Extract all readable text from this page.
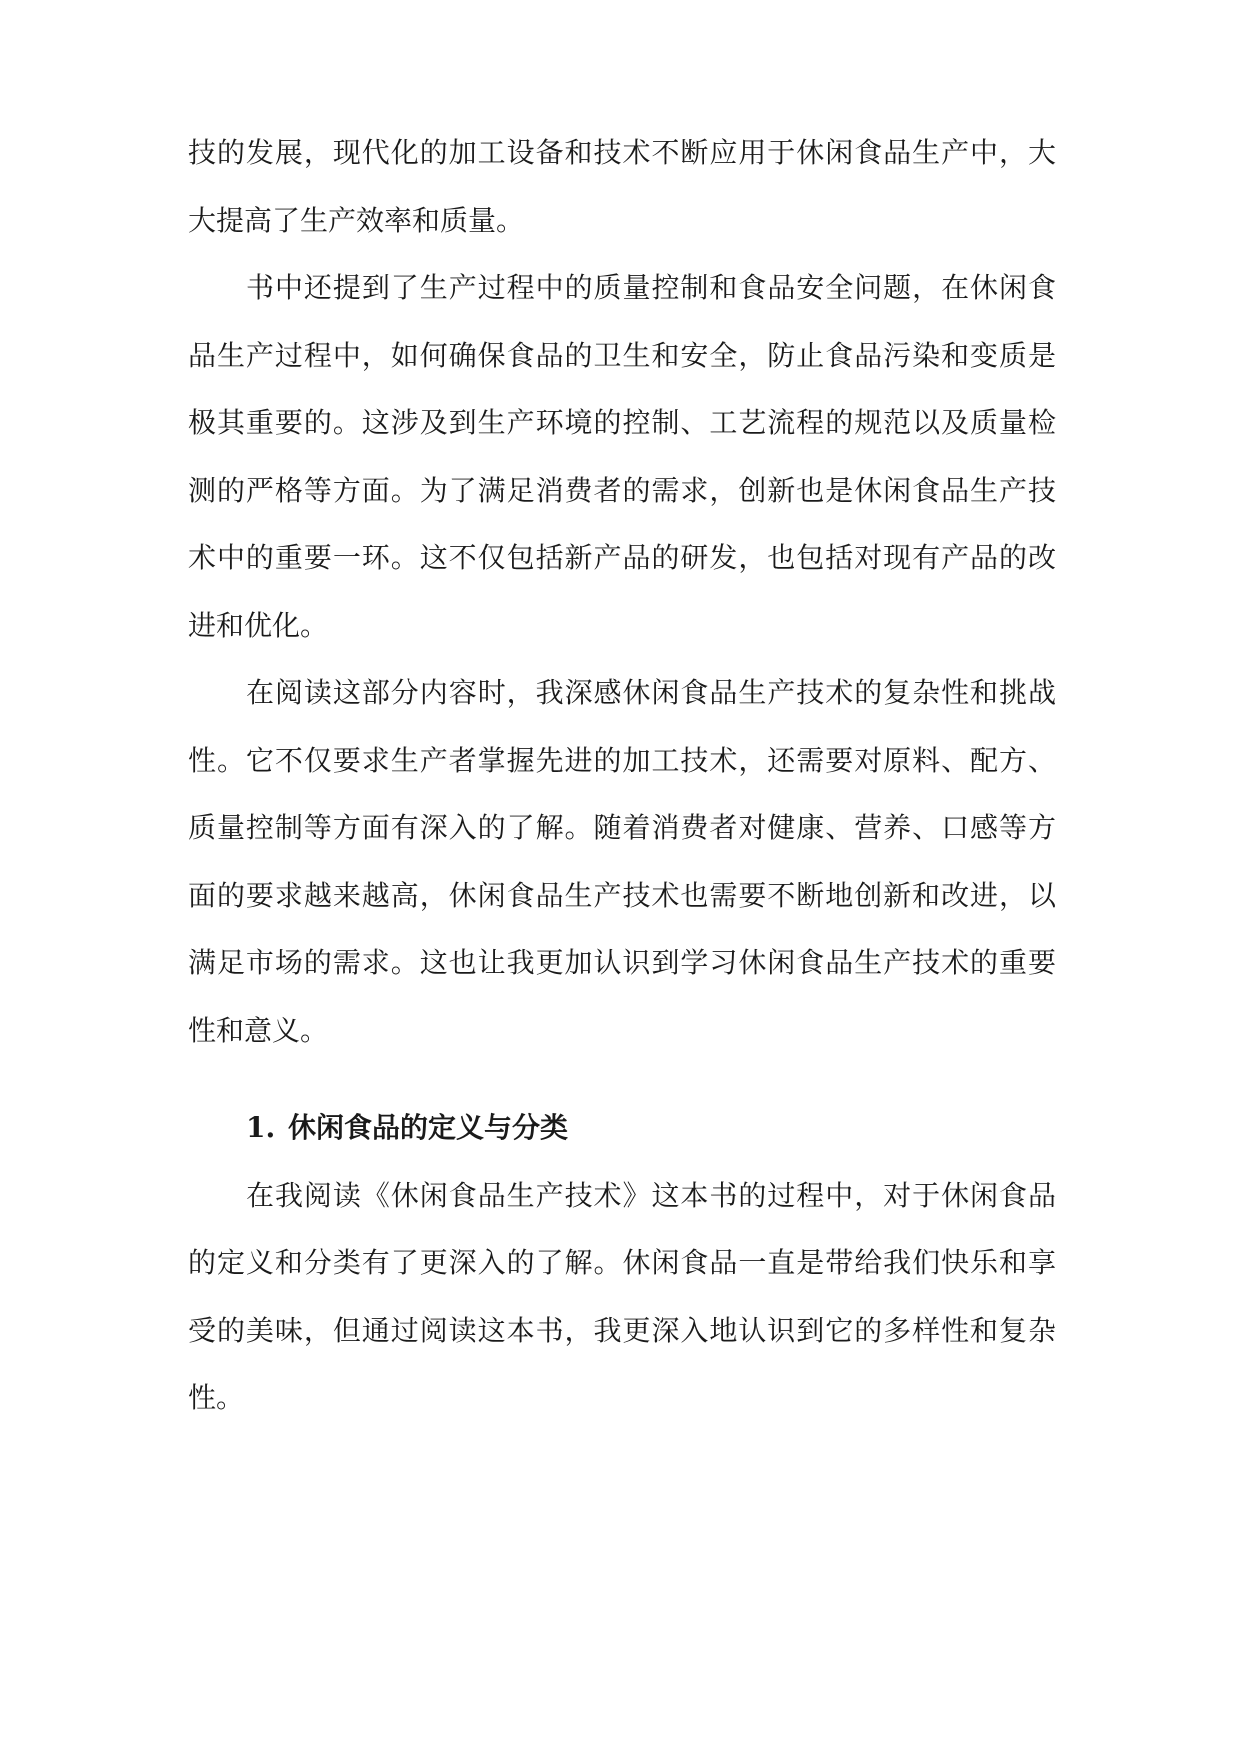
技的发展，现代化的加工设备和技术不断应用于休闲食品生产中，大
大提高了生产效率和质量。
书中还提到了生产过程中的质量控制和食品安全问题，在休闲食
品生产过程中，如何确保食品的卫生和安全，防止食品污染和变质是
极其重要的。这涉及到生产环境的控制、工艺流程的规范以及质量检
测的严格等方面。为了满足消费者的需求，创新也是休闲食品生产技
术中的重要一环。这不仅包括新产品的研发，也包括对现有产品的改
进和优化。
在阅读这部分内容时，我深感休闲食品生产技术的复杂性和挑战
性。它不仅要求生产者掌握先进的加工技术，还需要对原料、配方、
质量控制等方面有深入的了解。随着消费者对健康、营养、口感等方
面的要求越来越高，休闲食品生产技术也需要不断地创新和改进，以
满足市场的需求。这也让我更加认识到学习休闲食品生产技术的重要
性和意义。
1. 休闲食品的定义与分类
在我阅读《休闲食品生产技术》这本书的过程中，对于休闲食品
的定义和分类有了更深入的了解。休闲食品一直是带给我们快乐和享
受的美味，但通过阅读这本书，我更深入地认识到它的多样性和复杂
性。
